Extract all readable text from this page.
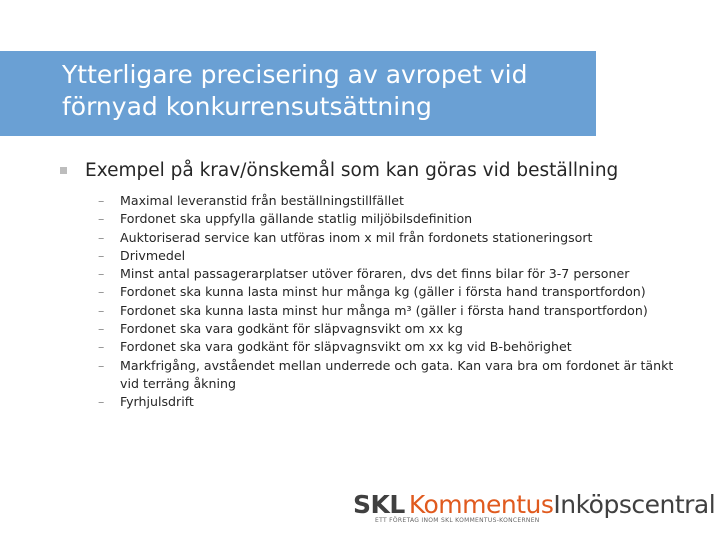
Ytterligare precisering av avropet vid
förnyad konkurrensutsättning
Exempel på krav/önskemål som kan göras vid beställning
– Maximal leveranstid från beställningstillfället
– Fordonet ska uppfylla gällande statlig miljöbilsdefinition
– Auktoriserad service kan utföras inom x mil från fordonets stationeringsort
– Drivmedel
– Minst antal passagerarplatser utöver föraren, dvs det finns bilar för 3-7 personer
– Fordonet ska kunna lasta minst hur många kg (gäller i första hand transportfordon)
– Fordonet ska kunna lasta minst hur många m³ (gäller i första hand transportfordon)
– Fordonet ska vara godkänt för släpvagnsvikt om xx kg
– Fordonet ska vara godkänt för släpvagnsvikt om xx kg vid B-behörighet
– Markfrigång, avståendet mellan underrede och gata. Kan vara bra om fordonet är tänkt vid terräng åkning
– Fyrhjulsdrift
SKL Kommentus Inköpscentral
ETT FÖRETAG INOM SKL KOMMENTUS-KONCERNEN
